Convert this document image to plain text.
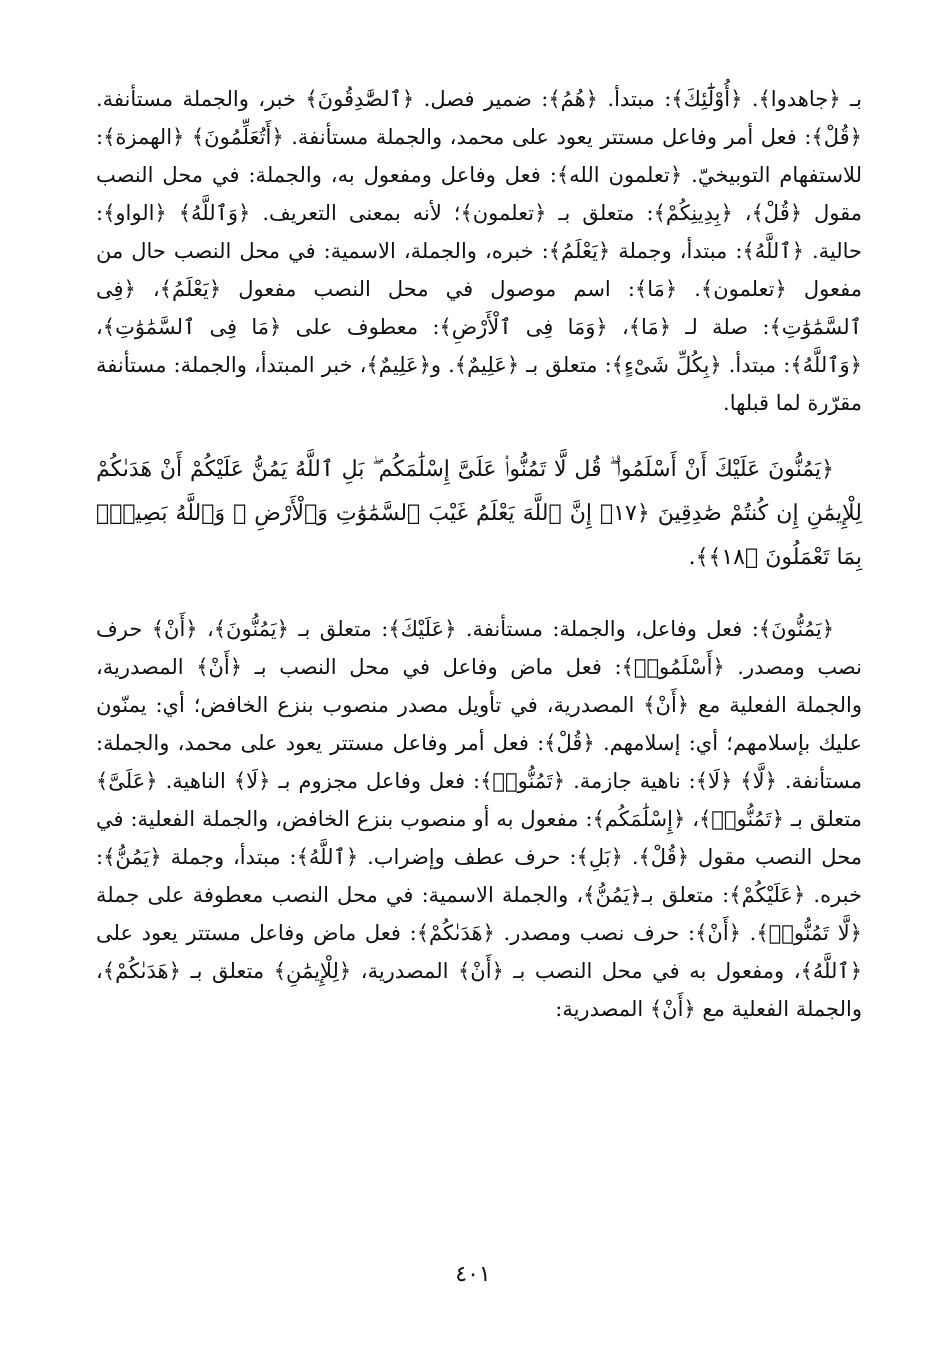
بـ ﴿جاهدوا﴾. ﴿أُوْلَٰٓئِكَ﴾: مبتدأ. ﴿هُمُ﴾: ضمير فصل. ﴿ٱلصَّٰدِقُونَ﴾ خبر، والجملة مستأنفة. ﴿قُلْ﴾: فعل أمر وفاعل مستتر يعود على محمد، والجملة مستأنفة. ﴿أَتُعَلِّمُونَ﴾ ﴿الهمزة﴾: للاستفهام التوبيخيّ. ﴿تعلمون الله﴾: فعل وفاعل ومفعول به، والجملة: في محل النصب مقول ﴿قُلْ﴾، ﴿بِدِينِكُمْ﴾: متعلق بـ ﴿تعلمون﴾؛ لأنه بمعنى التعريف. ﴿وَٱللَّهُ﴾ ﴿الواو﴾: حالية. ﴿ٱللَّهُ﴾: مبتدأ، وجملة ﴿يَعْلَمُ﴾: خبره، والجملة، الاسمية: في محل النصب حال من مفعول ﴿تعلمون﴾. ﴿مَا﴾: اسم موصول في محل النصب مفعول ﴿يَعْلَمُ﴾، ﴿فِى ٱلسَّمَٰوَٰتِ﴾: صلة لـ ﴿مَا﴾، ﴿وَمَا فِى ٱلْأَرْضِ﴾: معطوف على ﴿مَا فِى ٱلسَّمَٰوَٰتِ﴾، ﴿وَٱللَّهُ﴾: مبتدأ. ﴿بِكُلِّ شَىْءٍ﴾: متعلق بـ ﴿عَلِيمٌ﴾. و﴿عَلِيمٌ﴾، خبر المبتدأ، والجملة: مستأنفة مقرّرة لما قبلها.

﴿يَمُنُّونَ عَلَيْكَ أَنْ أَسْلَمُوا۟ ۖ قُل لَّا تَمُنُّوا۟ عَلَىَّ إِسْلَٰمَكُم ۖ بَلِ ٱللَّهُ يَمُنُّ عَلَيْكُمْ أَنْ هَدَىٰكُمْ لِلْإِيمَٰنِ إِن كُنتُمْ صَٰدِقِينَ ﴿١٧﴾ إِنَّ ٱللَّهَ يَعْلَمُ غَيْبَ ٱلسَّمَٰوَٰتِ وَٱلْأَرْضِ ۚ وَٱللَّهُ بَصِيرٌۢ بِمَا تَعْمَلُونَ ﴿١٨﴾﴾.

﴿يَمُنُّونَ﴾: فعل وفاعل، والجملة: مستأنفة. ﴿عَلَيْكَ﴾: متعلق بـ ﴿يَمُنُّونَ﴾، ﴿أَنْ﴾ حرف نصب ومصدر. ﴿أَسْلَمُوا۟﴾: فعل ماض وفاعل في محل النصب بـ ﴿أَنْ﴾ المصدرية، والجملة الفعلية مع ﴿أَنْ﴾ المصدرية، في تأويل مصدر منصوب بنزع الخافض؛ أي: يمنّون عليك بإسلامهم؛ أي: إسلامهم. ﴿قُلْ﴾: فعل أمر وفاعل مستتر يعود على محمد، والجملة: مستأنفة. ﴿لَّا﴾ ﴿لَا﴾: ناهية جازمة. ﴿تَمُنُّوا۟﴾: فعل وفاعل مجزوم بـ ﴿لَا﴾ الناهية. ﴿عَلَىَّ﴾ متعلق بـ ﴿تَمُنُّوا۟﴾، ﴿إِسْلَٰمَكُم﴾: مفعول به أو منصوب بنزع الخافض، والجملة الفعلية: في محل النصب مقول ﴿قُلْ﴾. ﴿بَلِ﴾: حرف عطف وإضراب. ﴿ٱللَّهُ﴾: مبتدأ، وجملة ﴿يَمُنُّ﴾: خبره. ﴿عَلَيْكُمْ﴾: متعلق بـ﴿يَمُنُّ﴾، والجملة الاسمية: في محل النصب معطوفة على جملة ﴿لَّا تَمُنُّوا۟﴾. ﴿أَنْ﴾: حرف نصب ومصدر. ﴿هَدَىٰكُمْ﴾: فعل ماض وفاعل مستتر يعود على ﴿ٱللَّهُ﴾، ومفعول به في محل النصب بـ ﴿أَنْ﴾ المصدرية، ﴿لِلْإِيمَٰنِ﴾ متعلق بـ ﴿هَدَىٰكُمْ﴾، والجملة الفعلية مع ﴿أَنْ﴾ المصدرية:

٤٠١
